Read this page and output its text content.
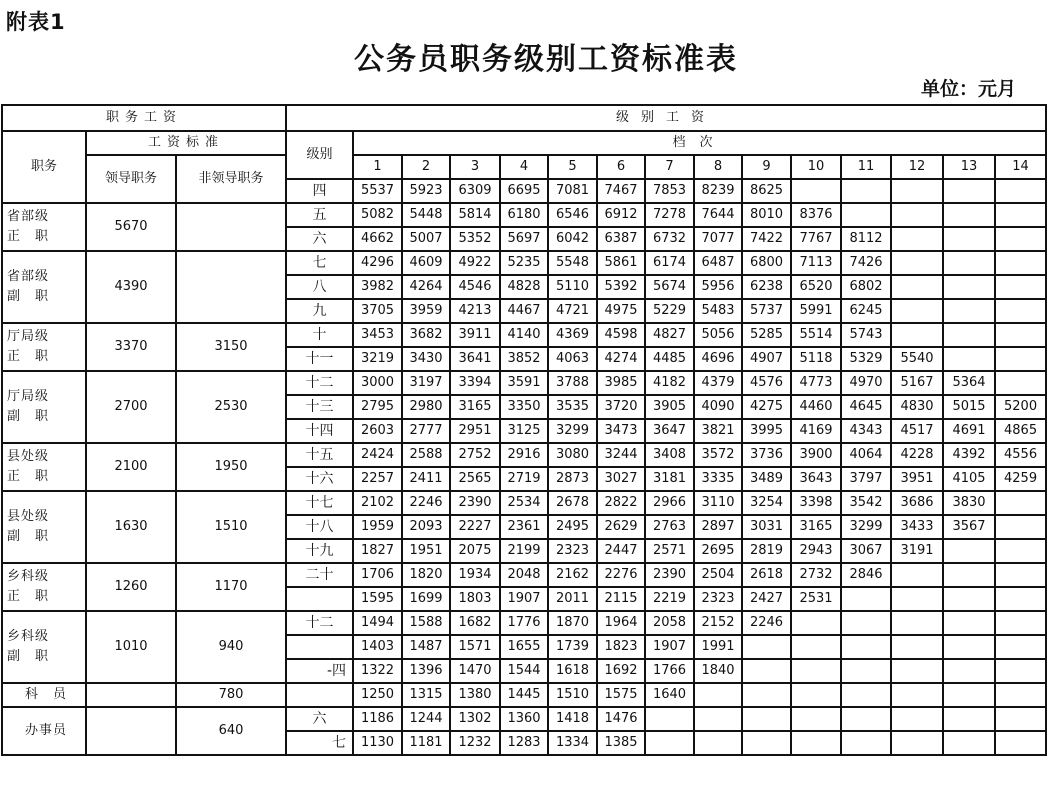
附表1
公务员职务级别工资标准表
单位：元月
职务工资			级别工资														
职务	工资标准		级别	档次													
	领导职务	非领导职务		1	2	3	4	5	6	7	8	9	10	11	12	13	14
			四	5537	5923	6309	6695	7081	7467	7853	8239	8625					

省部级
正　职	5670		五	5082	5448	5814	6180	6546	6912	7278	7644	8010	8376				
			六	4662	5007	5352	5697	6042	6387	6732	7077	7422	7767	8112			

省部级
副　职	4390		七	4296	4609	4922	5235	5548	5861	6174	6487	6800	7113	7426			
			八	3982	4264	4546	4828	5110	5392	5674	5956	6238	6520	6802			
			九	3705	3959	4213	4467	4721	4975	5229	5483	5737	5991	6245			

厅局级
正　职	3370	3150	十	3453	3682	3911	4140	4369	4598	4827	5056	5285	5514	5743			
			十一	3219	3430	3641	3852	4063	4274	4485	4696	4907	5118	5329	5540		

厅局级
副　职	2700	2530	十二	3000	3197	3394	3591	3788	3985	4182	4379	4576	4773	4970	5167	5364	
			十三	2795	2980	3165	3350	3535	3720	3905	4090	4275	4460	4645	4830	5015	5200
			十四	2603	2777	2951	3125	3299	3473	3647	3821	3995	4169	4343	4517	4691	4865

县处级
正　职	2100	1950	十五	2424	2588	2752	2916	3080	3244	3408	3572	3736	3900	4064	4228	4392	4556
			十六	2257	2411	2565	2719	2873	3027	3181	3335	3489	3643	3797	3951	4105	4259

县处级
副　职	1630	1510	十七	2102	2246	2390	2534	2678	2822	2966	3110	3254	3398	3542	3686	3830	
			十八	1959	2093	2227	2361	2495	2629	2763	2897	3031	3165	3299	3433	3567	
			十九	1827	1951	2075	2199	2323	2447	2571	2695	2819	2943	3067	3191		

乡科级
正　职	1260	1170	二十	1706	1820	1934	2048	2162	2276	2390	2504	2618	2732	2846			
				1595	1699	1803	1907	2011	2115	2219	2323	2427	2531				

乡科级
副　职	1010	940	十二	1494	1588	1682	1776	1870	1964	2058	2152	2246					
				1403	1487	1571	1655	1739	1823	1907	1991						
			-四	1322	1396	1470	1544	1618	1692	1766	1840						

科　员		780		1250	1315	1380	1445	1510	1575	1640							

办事员		640	六	1186	1244	1302	1360	1418	1476								
			七	1130	1181	1232	1283	1334	1385								
